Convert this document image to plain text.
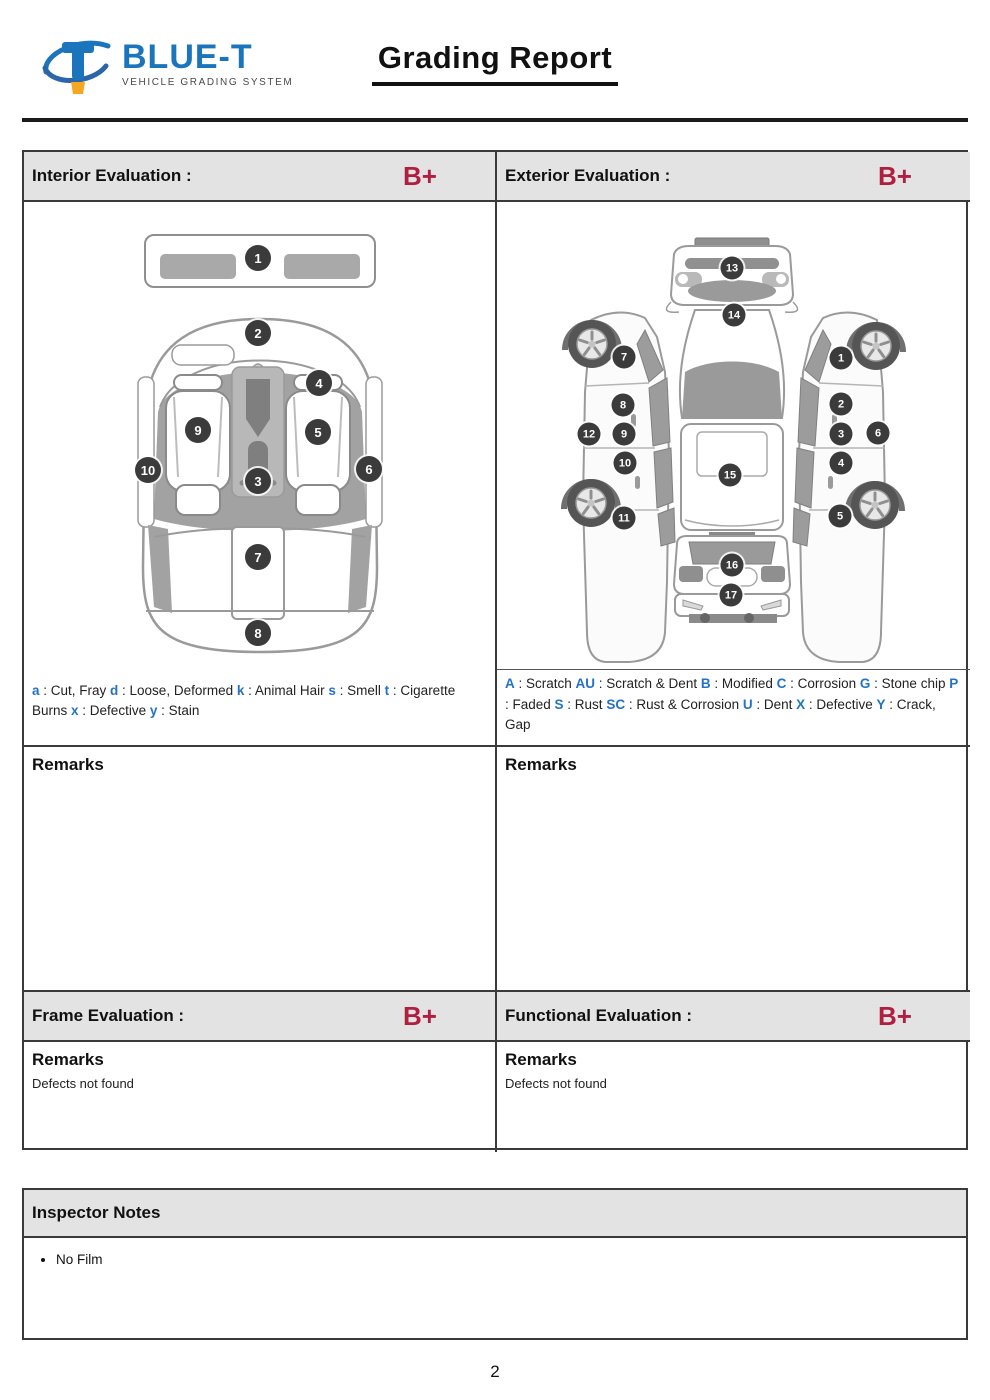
BLUE-T
VEHICLE GRADING SYSTEM
Grading Report
Interior Evaluation :	B+	Exterior Evaluation :	B+
1
2
4
9	5
10	6
3
7
8
a : Cut, Fray d : Loose, Deformed k : Animal Hair s : Smell t : Cigarette Burns x : Defective y : Stain
13
14
7	1
8	2
12	9	3	6
10	4
15
11	5
16
17
A : Scratch AU : Scratch & Dent B : Modified C : Corrosion G : Stone chip P : Faded S : Rust SC : Rust & Corrosion U : Dent X : Defective Y : Crack, Gap
Remarks	Remarks
Frame Evaluation :	B+	Functional Evaluation :	B+
Remarks
Defects not found
Remarks
Defects not found
Inspector Notes
• No Film
2
